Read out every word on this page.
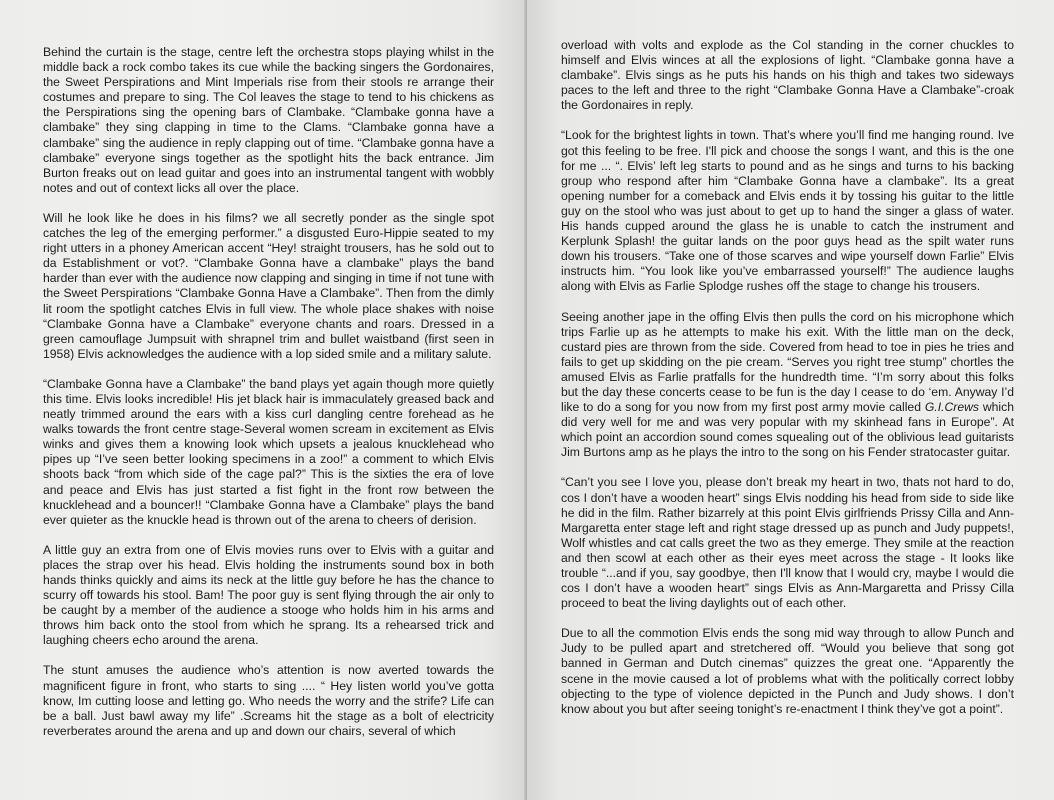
Behind the curtain is the stage, centre left the orchestra stops playing whilst in the middle back a rock combo takes its cue while the backing singers the Gordonaires, the Sweet Perspirations and Mint Imperials rise from their stools re arrange their costumes and prepare to sing. The Col leaves the stage to tend to his chickens as the Perspirations sing the opening bars of Clambake. “Clambake gonna have a clambake” they sing clapping in time to the Clams. “Clambake gonna have a clambake” sing the audience in reply clapping out of time. “Clambake gonna have a clambake” everyone sings together as the spotlight hits the back entrance. Jim Burton freaks out on lead guitar and goes into an instrumental tangent with wobbly notes and out of context licks all over the place.

Will he look like he does in his films? we all secretly ponder as the single spot catches the leg of the emerging performer.” a disgusted Euro-Hippie seated to my right utters in a phoney American accent “Hey! straight trousers, has he sold out to da Establishment or vot?. “Clambake Gonna have a clambake” plays the band harder than ever with the audience now clapping and singing in time if not tune with the Sweet Perspirations “Clambake Gonna Have a Clambake”. Then from the dimly lit room the spotlight catches Elvis in full view. The whole place shakes with noise “Clambake Gonna have a Clambake” everyone chants and roars. Dressed in a green camouflage Jumpsuit with shrapnel trim and bullet waistband (first seen in 1958) Elvis acknowledges the audience with a lop sided smile and a military salute.

“Clambake Gonna have a Clambake” the band plays yet again though more quietly this time. Elvis looks incredible! His jet black hair is immaculately greased back and neatly trimmed around the ears with a kiss curl dangling centre forehead as he walks towards the front centre stage-Several women scream in excitement as Elvis winks and gives them a knowing look which upsets a jealous knucklehead who pipes up “I’ve seen better looking specimens in a zoo!” a comment to which Elvis shoots back “from which side of the cage pal?” This is the sixties the era of love and peace and Elvis has just started a fist fight in the front row between the knucklehead and a bouncer!! “Clambake Gonna have a Clambake” plays the band ever quieter as the knuckle head is thrown out of the arena to cheers of derision.

A little guy an extra from one of Elvis movies runs over to Elvis with a guitar and places the strap over his head. Elvis holding the instruments sound box in both hands thinks quickly and aims its neck at the little guy before he has the chance to scurry off towards his stool. Bam! The poor guy is sent flying through the air only to be caught by a member of the audience a stooge who holds him in his arms and throws him back onto the stool from which he sprang. Its a rehearsed trick and laughing cheers echo around the arena.

The stunt amuses the audience who’s attention is now averted towards the magnificent figure in front, who starts to sing .... “ Hey listen world you’ve gotta know, Im cutting loose and letting go. Who needs the worry and the strife? Life can be a ball. Just bawl away my life” .Screams hit the stage as a bolt of electricity reverberates around the arena and up and down our chairs, several of which

overload with volts and explode as the Col standing in the corner chuckles to himself and Elvis winces at all the explosions of light. “Clambake gonna have a clambake”. Elvis sings as he puts his hands on his thigh and takes two sideways paces to the left and three to the right “Clambake Gonna Have a Clambake”-croak the Gordonaires in reply.

“Look for the brightest lights in town. That’s where you’ll find me hanging round. Ive got this feeling to be free. I'll pick and choose the songs I want, and this is the one for me ... “. Elvis’ left leg starts to pound and as he sings and turns to his backing group who respond after him “Clambake Gonna have a clambake”. Its a great opening number for a comeback and Elvis ends it by tossing his guitar to the little guy on the stool who was just about to get up to hand the singer a glass of water. His hands cupped around the glass he is unable to catch the instrument and Kerplunk Splash! the guitar lands on the poor guys head as the spilt water runs down his trousers. “Take one of those scarves and wipe yourself down Farlie” Elvis instructs him. “You look like you’ve embarrassed yourself!” The audience laughs along with Elvis as Farlie Splodge rushes off the stage to change his trousers.

Seeing another jape in the offing Elvis then pulls the cord on his microphone which trips Farlie up as he attempts to make his exit. With the little man on the deck, custard pies are thrown from the side. Covered from head to toe in pies he tries and fails to get up skidding on the pie cream. “Serves you right tree stump” chortles the amused Elvis as Farlie pratfalls for the hundredth time. “I’m sorry about this folks but the day these concerts cease to be fun is the day I cease to do ‘em. Anyway I’d like to do a song for you now from my first post army movie called G.I.Crews which did very well for me and was very popular with my skinhead fans in Europe”. At which point an accordion sound comes squealing out of the oblivious lead guitarists Jim Burtons amp as he plays the intro to the song on his Fender stratocaster guitar.

“Can’t you see I love you, please don’t break my heart in two, thats not hard to do, cos I don’t have a wooden heart” sings Elvis nodding his head from side to side like he did in the film. Rather bizarrely at this point Elvis girlfriends Prissy Cilla and Ann-Margaretta enter stage left and right stage dressed up as punch and Judy puppets!, Wolf whistles and cat calls greet the two as they emerge. They smile at the reaction and then scowl at each other as their eyes meet across the stage - It looks like trouble “...and if you, say goodbye, then I'll know that I would cry, maybe I would die cos I don’t have a wooden heart” sings Elvis as Ann-Margaretta and Prissy Cilla proceed to beat the living daylights out of each other.

Due to all the commotion Elvis ends the song mid way through to allow Punch and Judy to be pulled apart and stretchered off. “Would you believe that song got banned in German and Dutch cinemas” quizzes the great one. “Apparently the scene in the movie caused a lot of problems what with the politically correct lobby objecting to the type of violence depicted in the Punch and Judy shows. I don’t know about you but after seeing tonight’s re-enactment I think they’ve got a point”.
